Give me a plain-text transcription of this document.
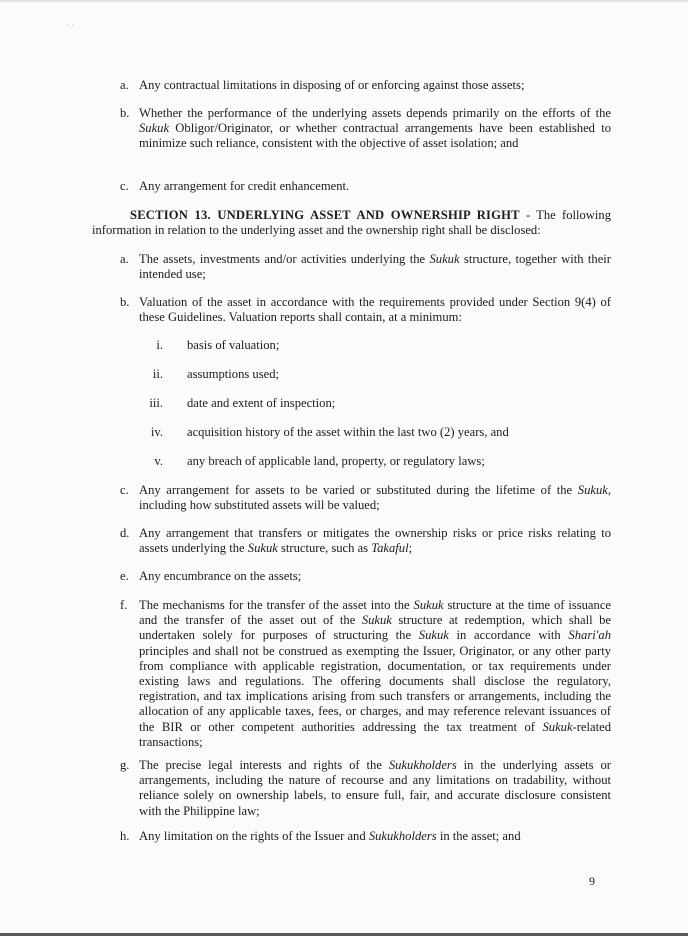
·.·
a. Any contractual limitations in disposing of or enforcing against those assets;
b. Whether the performance of the underlying assets depends primarily on the efforts of the Sukuk Obligor/Originator, or whether contractual arrangements have been established to minimize such reliance, consistent with the objective of asset isolation; and
c. Any arrangement for credit enhancement.
SECTION 13. UNDERLYING ASSET AND OWNERSHIP RIGHT - The following information in relation to the underlying asset and the ownership right shall be disclosed:
a. The assets, investments and/or activities underlying the Sukuk structure, together with their intended use;
b. Valuation of the asset in accordance with the requirements provided under Section 9(4) of these Guidelines. Valuation reports shall contain, at a minimum:
i. basis of valuation;
ii. assumptions used;
iii. date and extent of inspection;
iv. acquisition history of the asset within the last two (2) years, and
v. any breach of applicable land, property, or regulatory laws;
c. Any arrangement for assets to be varied or substituted during the lifetime of the Sukuk, including how substituted assets will be valued;
d. Any arrangement that transfers or mitigates the ownership risks or price risks relating to assets underlying the Sukuk structure, such as Takaful;
e. Any encumbrance on the assets;
f. The mechanisms for the transfer of the asset into the Sukuk structure at the time of issuance and the transfer of the asset out of the Sukuk structure at redemption, which shall be undertaken solely for purposes of structuring the Sukuk in accordance with Shari'ah principles and shall not be construed as exempting the Issuer, Originator, or any other party from compliance with applicable registration, documentation, or tax requirements under existing laws and regulations. The offering documents shall disclose the regulatory, registration, and tax implications arising from such transfers or arrangements, including the allocation of any applicable taxes, fees, or charges, and may reference relevant issuances of the BIR or other competent authorities addressing the tax treatment of Sukuk-related transactions;
g. The precise legal interests and rights of the Sukukholders in the underlying assets or arrangements, including the nature of recourse and any limitations on tradability, without reliance solely on ownership labels, to ensure full, fair, and accurate disclosure consistent with the Philippine law;
h. Any limitation on the rights of the Issuer and Sukukholders in the asset; and
9
